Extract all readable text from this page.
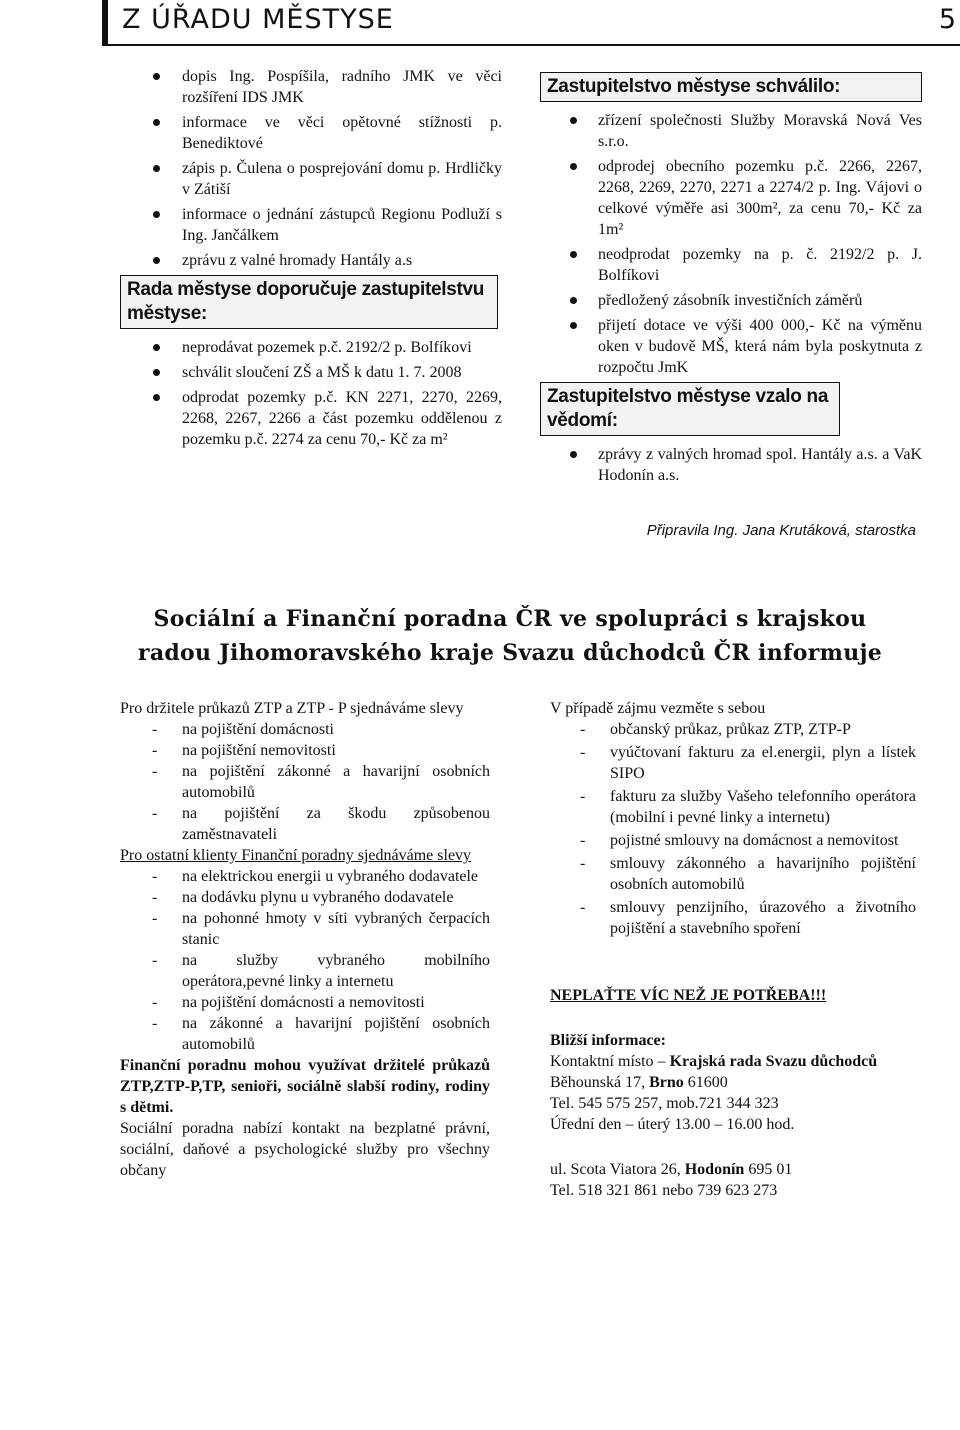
Z ÚŘADU MĚSTYSE	5
dopis Ing. Pospíšila, radního JMK ve věci rozšíření IDS JMK
informace ve věci opětovné stížnosti p. Benediktové
zápis p. Čulena o posprejování domu p. Hrdličky v Zátiší
informace o jednání zástupců Regionu Podluží s Ing. Jančálkem
zprávu z valné hromady Hantály a.s
Rada městyse doporučuje zastupitelstvu městyse:
neprodávat pozemek p.č. 2192/2 p. Bolfíkovi
schválit sloučení ZŠ a MŠ k datu 1. 7. 2008
odprodat pozemky p.č. KN 2271, 2270, 2269, 2268, 2267, 2266 a část pozemku oddělenou z pozemku p.č. 2274 za cenu 70,- Kč za m²
Zastupitelstvo městyse schválilo:
zřízení společnosti Služby Moravská Nová Ves s.r.o.
odprodej obecního pozemku p.č. 2266, 2267, 2268, 2269, 2270, 2271 a 2274/2 p. Ing. Vájovi o celkové výměře asi 300m², za cenu 70,- Kč za 1m²
neodprodat pozemky na p. č. 2192/2 p. J. Bolfíkovi
předložený zásobník investičních záměrů
přijetí dotace ve výši 400 000,- Kč na výměnu oken v budově MŠ, která nám byla poskytnuta z rozpočtu JmK
Zastupitelstvo městyse vzalo na vědomí:
zprávy z valných hromad spol. Hantály a.s. a VaK Hodonín a.s.
Připravila Ing. Jana Krutáková, starostka
Sociální a Finanční poradna ČR ve spolupráci s krajskou radou Jihomoravského kraje Svazu důchodců ČR informuje
Pro držitele průkazů ZTP a ZTP - P sjednáváme slevy
- na pojištění domácnosti
- na pojištění nemovitosti
- na pojištění zákonné a havarijní osobních automobilů
- na pojištění za škodu způsobenou zaměstnavateli
Pro ostatní klienty Finanční poradny sjednáváme slevy
- na elektrickou energii u vybraného dodavatele
- na dodávku plynu u vybraného dodavatele
- na pohonné hmoty v síti vybraných čerpacích stanic
- na služby vybraného mobilního operátora,pevné linky a internetu
- na pojištění domácnosti a nemovitosti
- na zákonné a havarijní pojištění osobních automobilů
Finanční poradnu mohou využívat držitelé průkazů ZTP,ZTP-P,TP, senioři, sociálně slabší rodiny, rodiny s dětmi.
Sociální poradna nabízí kontakt na bezplatné právní, sociální, daňové a psychologické služby pro všechny občany
V případě zájmu vezměte s sebou
- občanský průkaz, průkaz ZTP, ZTP-P
- vyúčtovaní fakturu za el.energii, plyn a lístek SIPO
- fakturu za služby Vašeho telefonního operátora (mobilní i pevné linky a internetu)
- pojistné smlouvy na domácnost a nemovitost
- smlouvy zákonného a havarijního pojištění osobních automobilů
- smlouvy penzijního, úrazového a životního pojištění a stavebního spoření
NEPLAŤTE VÍC NEŽ JE POTŘEBA!!!
Bližší informace:
Kontaktní místo – Krajská rada Svazu důchodců
Běhounská 17, Brno 61600
Tel. 545 575 257, mob.721 344 323
Úřední den – úterý 13.00 – 16.00 hod.
ul. Scota Viatora 26, Hodonín 695 01
Tel. 518 321 861 nebo 739 623 273
